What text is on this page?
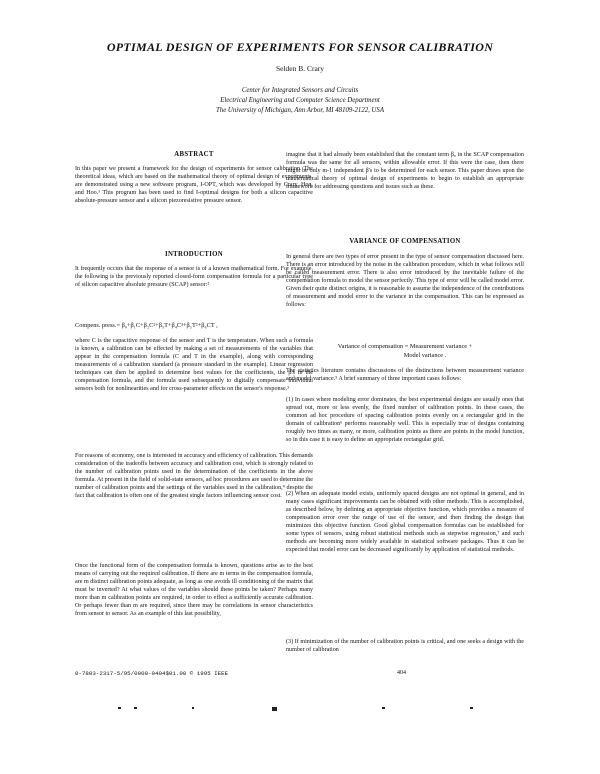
OPTIMAL DESIGN OF EXPERIMENTS FOR SENSOR CALIBRATION
Selden B. Crary
Center for Integrated Sensors and Circuits
Electrical Engineering and Computer Science Department
The University of Michigan, Ann Arbor, MI 48109-2122, USA
ABSTRACT

In this paper we present a framework for the design of experiments for sensor calibration. The theoretical ideas, which are based on the mathematical theory of optimal design of experiments, are demonstrated using a new software program, I-OPT, which was developed by Crary, Hoo, and Hoo.¹ This program has been used to find I-optimal designs for both a silicon capacitive absolute-pressure sensor and a silicon piezoresistive pressure sensor.

INTRODUCTION

It frequently occurs that the response of a sensor is of a known mathematical form. For example, the following is the previously reported closed-form compensation formula for a particular type of silicon capacitive absolute pressure (SCAP) sensor:²

Compens. press.= β₀+β₁C+β₂C²+β₃T+β₄C³+β₅T²+β₆CT ,

where C is the capacitive response of the sensor and T is the temperature. When such a formula is known, a calibration can be effected by making a set of measurements of the variables that appear in the compensation formula (C and T in the example), along with corresponding measurements of a calibration standard (a pressure standard in the example). Linear regression techniques can then be applied to determine best values for the coefficients, the β's in the compensation formula, and the formula used subsequently to digitally compensate individual sensors both for nonlinearities and for cross-parameter effects on the sensor's response.³

For reasons of economy, one is interested in accuracy and efficiency of calibration. This demands consideration of the tradeoffs between accuracy and calibration cost, which is strongly related to the number of calibration points used in the determination of the coefficients in the above formula. At present in the field of solid-state sensors, ad hoc procedures are used to determine the number of calibration points and the settings of the variables used in the calibration,⁴ despite the fact that calibration is often one of the greatest single factors influencing sensor cost.

Once the functional form of the compensation formula is known, questions arise as to the best means of carrying out the required calibration. If there are m terms in the compensation formula, are m distinct calibration points adequate, as long as one avoids ill conditioning of the matrix that must be inverted? At what values of the variables should these points be taken? Perhaps many more than m calibration points are required, in order to effect a sufficiently accurate calibration. Or perhaps fewer than m are required, since there may be correlations in sensor characteristics from sensor to sensor. As an example of this last possibility,

imagine that it had already been established that the constant term β₀ in the SCAP compensation formula was the same for all sensors, within allowable error. If this were the case, then there might be only m-1 independent β's to be determined for each sensor. This paper draws upon the mathematical theory of optimal design of experiments to begin to establish an appropriate framework for addressing questions and issues such as these.

VARIANCE OF COMPENSATION

In general there are two types of error present in the type of sensor compensation discussed here. There is an error introduced by the noise in the calibration procedure, which in what follows will be called measurement error. There is also error introduced by the inevitable failure of the compensation formula to model the sensor perfectly. This type of error will be called model error. Given their quite distinct origins, it is reasonable to assume the independence of the contributions of measurement and model error to the variance in the compensation. This can be expressed as follows:

Variance of compensation = Measurement variance +
Model variance .

The statistics literature contains discussions of the distinctions between measurement variance and model variance.⁵ A brief summary of three important cases follows:

(1) In cases where modeling error dominates, the best experimental designs are usually ones that spread out, more or less evenly, the fixed number of calibration points. In these cases, the common ad hoc procedure of spacing calibration points evenly on a rectangular grid in the domain of calibration⁶ performs reasonably well. This is especially true of designs containing roughly two times as many, or more, calibration points as there are points in the model function, so in this case it is easy to define an appropriate rectangular grid.

(2) When an adequate model exists, uniformly spaced designs are not optimal in general, and in many cases significant improvements can be obtained with other methods. This is accomplished, as described below, by defining an appropriate objective function, which provides a measure of compensation error over the range of use of the sensor, and then finding the design that minimizes this objective function. Good global compensation formulas can be established for some types of sensors, using robust statistical methods such as stepwise regression,⁷ and such methods are becoming more widely available in statistical software packages. Thus it can be expected that model error can be decreased significantly by application of statistical methods.

(3) If minimization of the number of calibration points is critical, and one seeks a design with the number of calibration

0-7803-2317-5/95/0000-0404$01.00 © 1995 IEEE	404
